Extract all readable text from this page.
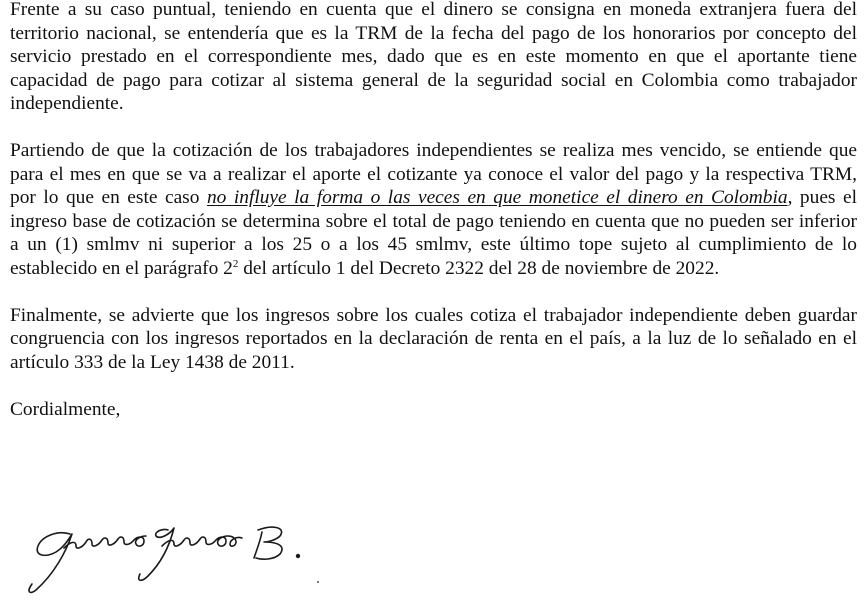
Frente a su caso puntual, teniendo en cuenta que el dinero se consigna en moneda extranjera fuera del territorio nacional, se entendería que es la TRM de la fecha del pago de los honorarios por concepto del servicio prestado en el correspondiente mes, dado que es en este momento en que el aportante tiene capacidad de pago para cotizar al sistema general de la seguridad social en Colombia como trabajador independiente.

Partiendo de que la cotización de los trabajadores independientes se realiza mes vencido, se entiende que para el mes en que se va a realizar el aporte el cotizante ya conoce el valor del pago y la respectiva TRM, por lo que en este caso no influye la forma o las veces en que monetice el dinero en Colombia, pues el ingreso base de cotización se determina sobre el total de pago teniendo en cuenta que no pueden ser inferior a un (1) smlmv ni superior a los 25 o a los 45 smlmv, este último tope sujeto al cumplimiento de lo establecido en el parágrafo $2^2$ del artículo 1 del Decreto 2322 del 28 de noviembre de 2022.

Finalmente, se advierte que los ingresos sobre los cuales cotiza el trabajador independiente deben guardar congruencia con los ingresos reportados en la declaración de renta en el país, a la luz de lo señalado en el artículo 333 de la Ley 1438 de 2011.

Cordialmente,
